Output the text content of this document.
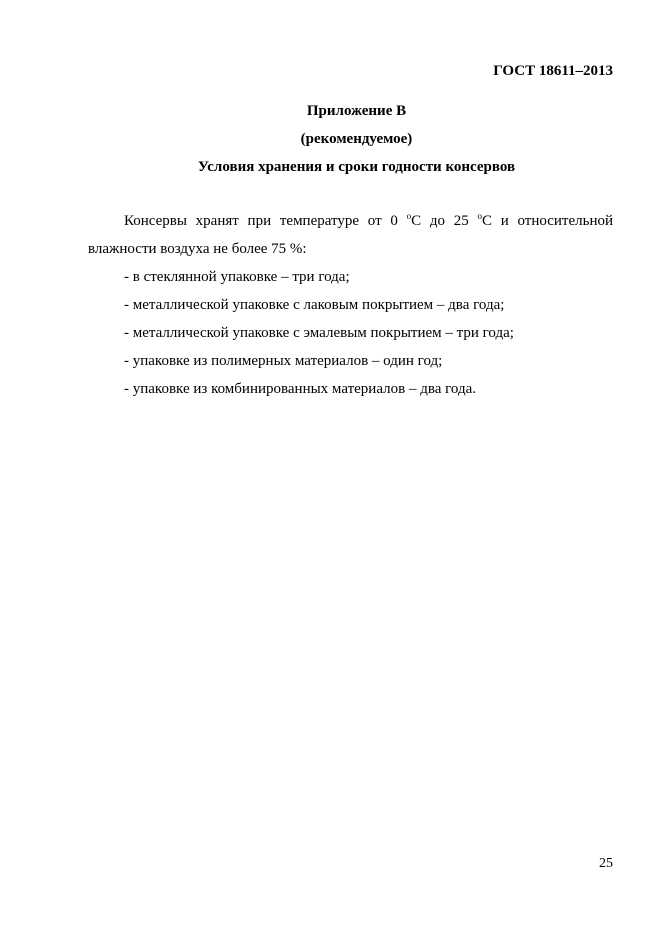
ГОСТ 18611–2013
Приложение В
(рекомендуемое)
Условия хранения и сроки годности консервов
Консервы хранят при температуре от 0 $^o$С до 25 $^o$С и относительной
влажности воздуха не более 75 %:
- в стеклянной упаковке – три года;
- металлической упаковке с лаковым покрытием – два года;
- металлической упаковке с эмалевым покрытием – три года;
- упаковке из полимерных материалов – один год;
- упаковке из комбинированных материалов – два года.
25
